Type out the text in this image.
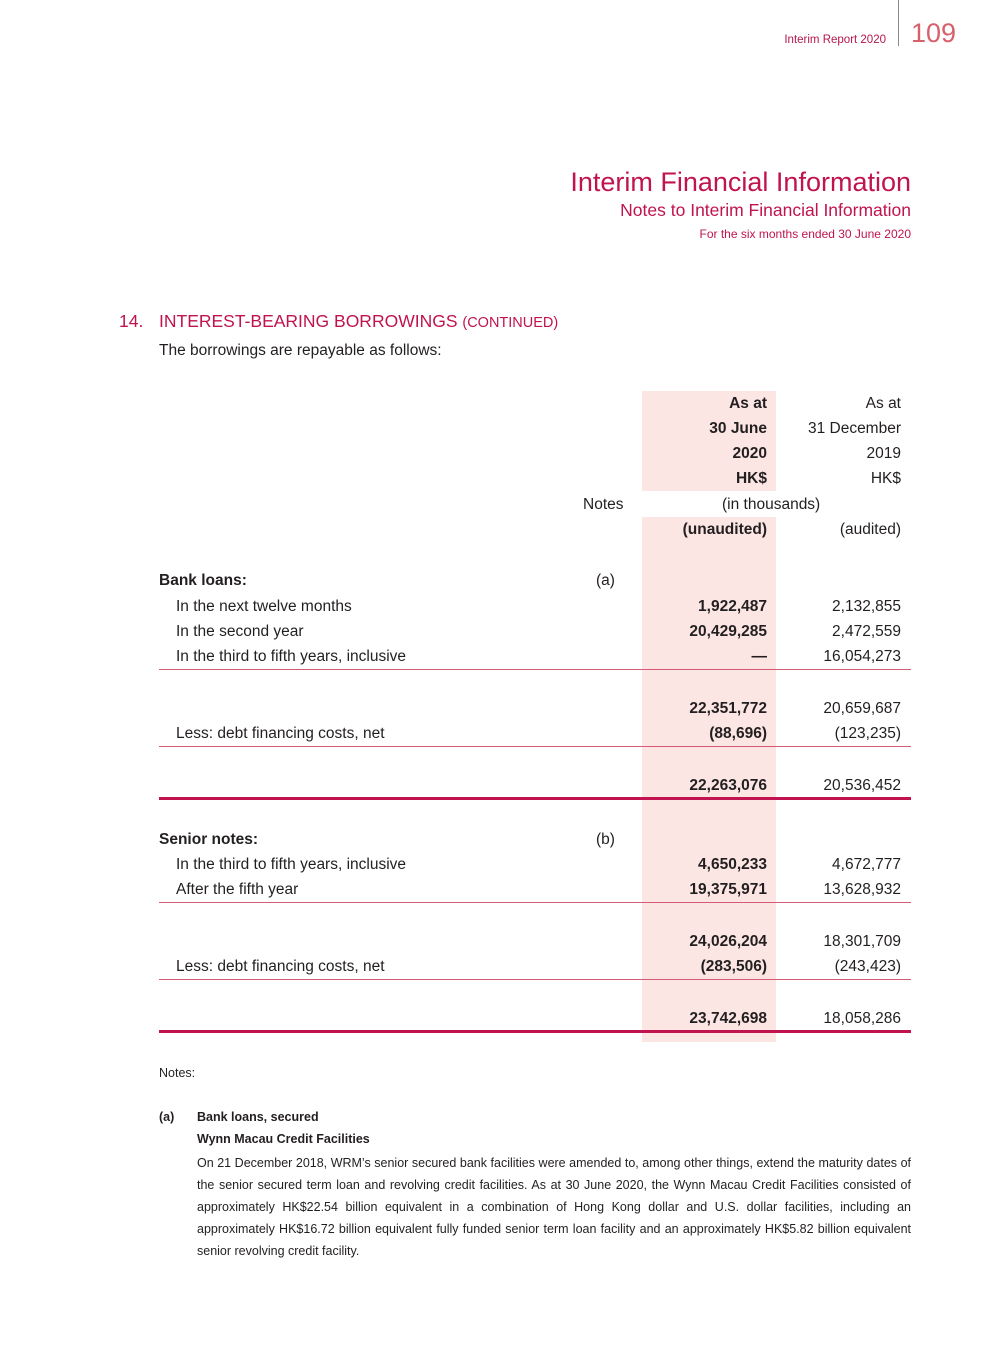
Interim Report 2020 109
Interim Financial Information
Notes to Interim Financial Information
For the six months ended 30 June 2020
14. INTEREST-BEARING BORROWINGS (CONTINUED)
The borrowings are repayable as follows:
As at	As at
30 June	31 December
2020	2019
HK$	HK$
Notes	(in thousands)
(unaudited)	(audited)
Bank loans:	(a)
In the next twelve months	1,922,487	2,132,855
In the second year	20,429,285	2,472,559
In the third to fifth years, inclusive	—	16,054,273
22,351,772	20,659,687
Less: debt financing costs, net	(88,696)	(123,235)
22,263,076	20,536,452
Senior notes:	(b)
In the third to fifth years, inclusive	4,650,233	4,672,777
After the fifth year	19,375,971	13,628,932
24,026,204	18,301,709
Less: debt financing costs, net	(283,506)	(243,423)
23,742,698	18,058,286
Notes:
(a) Bank loans, secured
Wynn Macau Credit Facilities
On 21 December 2018, WRM’s senior secured bank facilities were amended to, among other things, extend the maturity dates of the senior secured term loan and revolving credit facilities. As at 30 June 2020, the Wynn Macau Credit Facilities consisted of approximately HK$22.54 billion equivalent in a combination of Hong Kong dollar and U.S. dollar facilities, including an approximately HK$16.72 billion equivalent fully funded senior term loan facility and an approximately HK$5.82 billion equivalent senior revolving credit facility.
